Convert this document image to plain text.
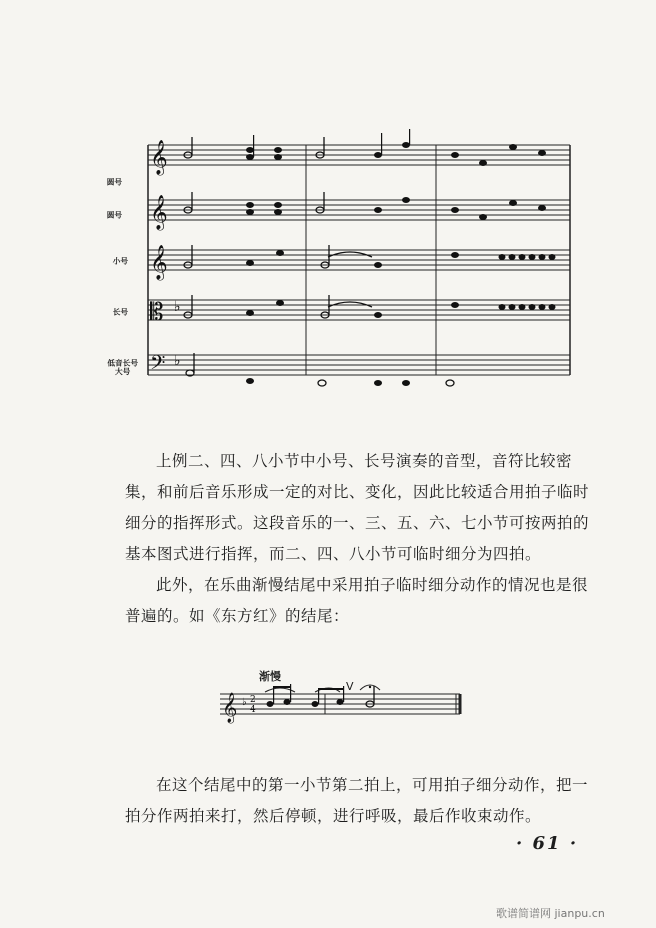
𝄞
𝄞
𝄞
𝄡
𝄢
♭
♭
圆号
圆号
小号
长号
低音长号 大号

上例二、四、八小节中小号、长号演奏的音型，音符比较密集，和前后音乐形成一定的对比、变化，因此比较适合用拍子临时细分的指挥形式。这段音乐的一、三、五、六、七小节可按两拍的基本图式进行指挥，而二、四、八小节可临时细分为四拍。

此外，在乐曲渐慢结尾中采用拍子临时细分动作的情况也是很普遍的。如《东方红》的结尾：

渐慢
𝄞 ♭ 2
4
V

在这个结尾中的第一小节第二拍上，可用拍子细分动作，把一拍分作两拍来打，然后停顿，进行呼吸，最后作收束动作。

· 61 ·
歌谱简谱网 jianpu.cn
